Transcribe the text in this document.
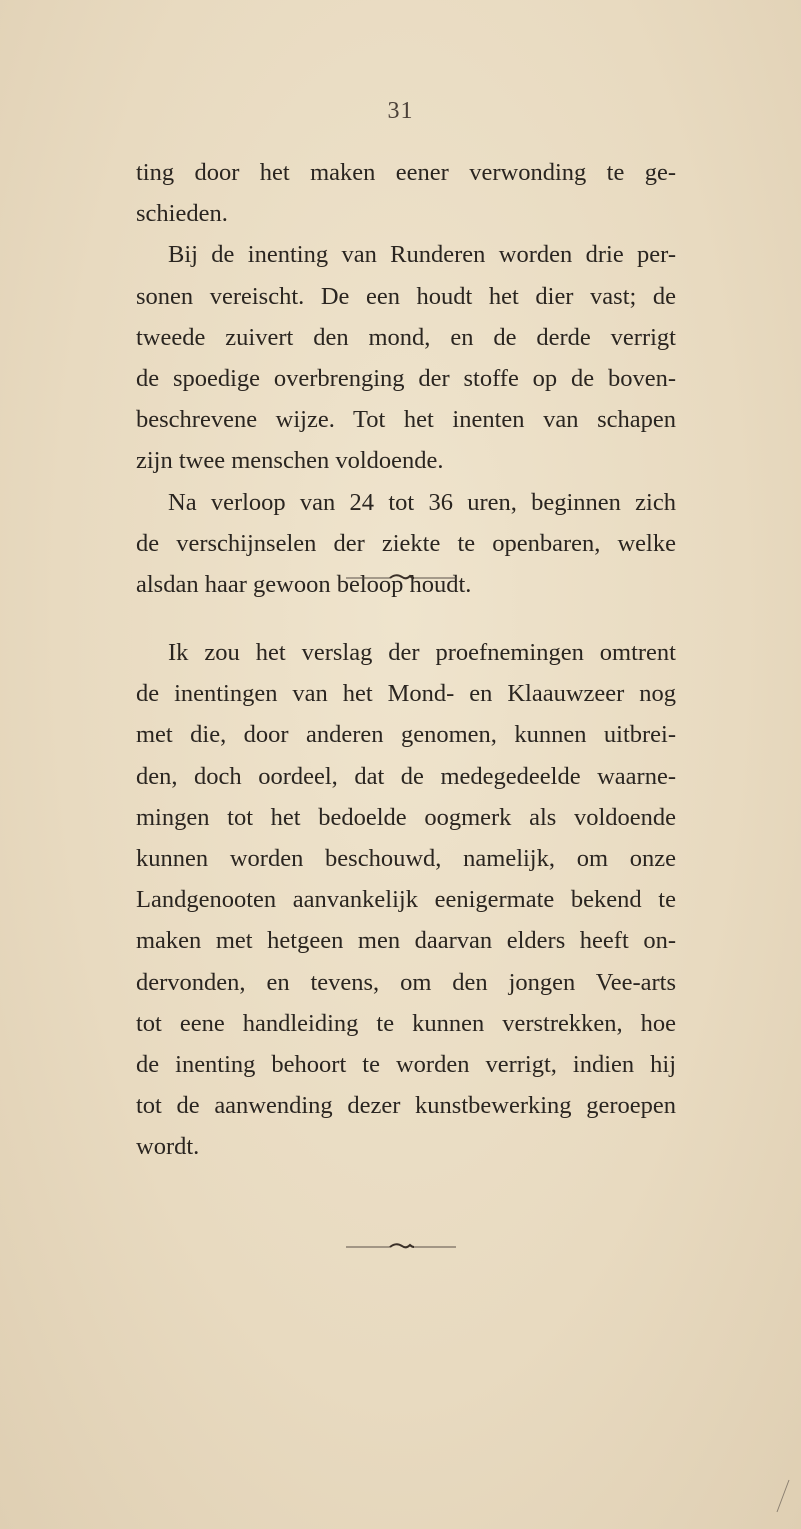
31
ting door het maken eener verwonding te ge-
schieden.
Bij de inenting van Runderen worden drie per-
sonen vereischt. De een houdt het dier vast; de
tweede zuivert den mond, en de derde verrigt
de spoedige overbrenging der stoffe op de boven-
beschrevene wijze. Tot het inenten van schapen
zijn twee menschen voldoende.
Na verloop van 24 tot 36 uren, beginnen zich
de verschijnselen der ziekte te openbaren, welke
alsdan haar gewoon beloop houdt.
Ik zou het verslag der proefnemingen omtrent
de inentingen van het Mond- en Klaauwzeer nog
met die, door anderen genomen, kunnen uitbrei-
den, doch oordeel, dat de medegedeelde waarne-
mingen tot het bedoelde oogmerk als voldoende
kunnen worden beschouwd, namelijk, om onze
Landgenooten aanvankelijk eenigermate bekend te
maken met hetgeen men daarvan elders heeft on-
dervonden, en tevens, om den jongen Vee-arts
tot eene handleiding te kunnen verstrekken, hoe
de inenting behoort te worden verrigt, indien hij
tot de aanwending dezer kunstbewerking geroepen
wordt.
